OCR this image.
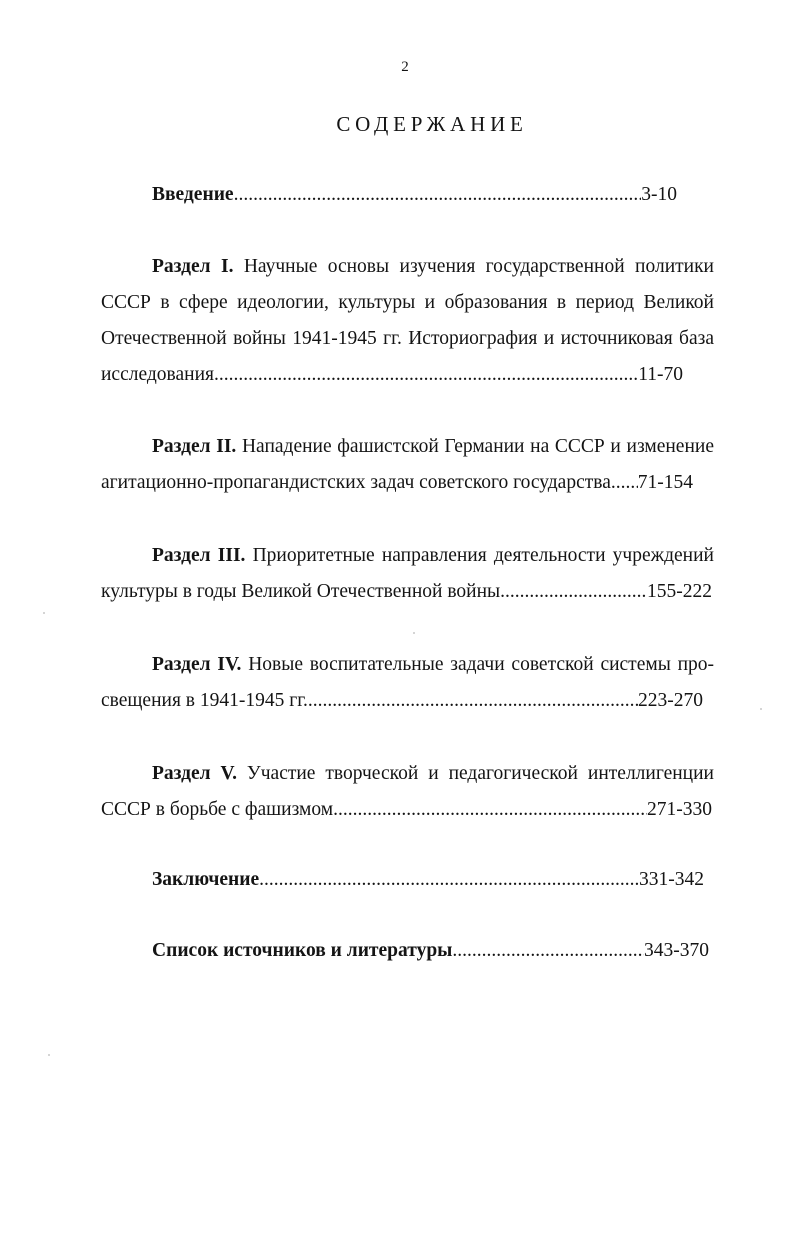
2
СОДЕРЖАНИЕ
Введение .....	3-10
Раздел I. Научные основы изучения государственной политики
СССР в сфере идеологии, культуры и образования в период Великой
Отечественной войны 1941-1945 гг. Историография и источниковая база
исследования .....	11-70
Раздел II. Нападение фашистской Германии на СССР и изменение
агитационно-пропагандистских задач советского государства ..... 71-154
Раздел III. Приоритетные направления деятельности учреждений
культуры в годы Великой Отечественной войны .....	155-222
Раздел IV. Новые воспитательные задачи советской системы про-
свещения в 1941-1945 гг. .....	223-270
Раздел V. Участие творческой и педагогической интеллигенции
СССР в борьбе с фашизмом .....	271-330
Заключение .....	331-342
Список источников и литературы .....	343-370
